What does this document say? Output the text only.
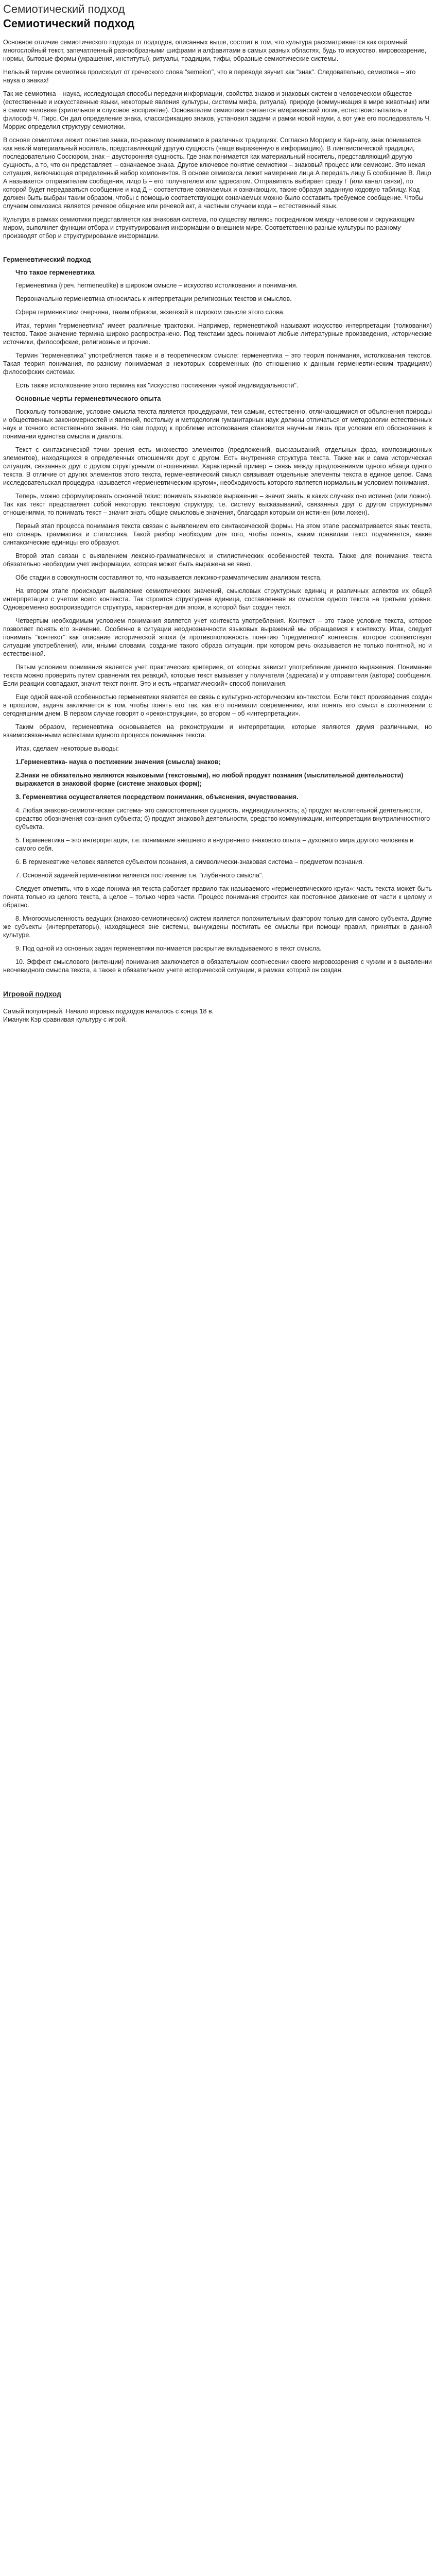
Семиотический подход
Семиотический подход

Основное отличие семиотического подхода от подходов, описанных выше, состоит в том, что культура рассматривается как огромный многослойный текст, запечатленный разнообразными шифрами и алфавитами в самых разных областях, будь то искусство, мировоззрение, нормы, бытовые формы (украшения, институты), ритуалы, традиции, тифы, образные семиотические системы.

Нельзый термин семиотика происходит от греческого слова "semeion", что в переводе звучит как "знак". Следовательно, семиотика – это наука о знаках!

Так же семиотика – наука, исследующая способы передачи информации, свойства знаков и знаковых систем в человеческом обществе (естественные и искусственные языки, некоторые явления культуры, системы мифа, ритуала), природе (коммуникация в мире животных) или в самом человеке (зрительное и слуховое восприятие). Основателем семиотики считается американский логик, естествоиспытатель и философ Ч. Пирс. Он дал определение знака, классификацию знаков, установил задачи и рамки новой науки, а вот уже его последователь Ч. Моррис определил структуру семиотики.

В основе семиотики лежит понятие знака, по-разному понимаемое в различных традициях. Согласно Моррису и Карнапу, знак понимается как некий материальный носитель, представляющий другую сущность (чаще выраженную в информацию). В лингвистической традиции, последовательно Соссюром, знак – двусторонняя сущность. Где знак понимается как материальный носитель, представляющий другую сущность, а то, что он представляет, – означаемое знака. Другое ключевое понятие семиотики – знаковый процесс или семиозис. Это некая ситуация, включающая определенный набор компонентов. В основе семиозиса лежит намерение лица А передать лицу Б сообщение В. Лицо А называется отправителем сообщения, лицо Б – его получателем или адресатом. Отправитель выбирает среду Г (или канал связи), по которой будет передаваться сообщение и код Д – соответствие означаемых и означающих, также образуя заданную кодовую таблицу. Код должен быть выбран таким образом, чтобы с помощью соответствующих означаемых можно было составить требуемое сообщение. Чтобы случаем семиозиса является речевое общение или речевой акт, а частным случаем кода – естественный язык.

Культура в рамках семиотики представляется как знаковая система, по существу являясь посредником между человеком и окружающим миром, выполняет функции отбора и структурирования информации о внешнем мире. Соответственно разные культуры по-разному производят отбор и структурирование информации.

Герменевтический подход
Что такое герменевтика

Герменевтика (греч. hermeneutike) в широком смысле – искусство истолкования и понимания.

Первоначально герменевтика относилась к интерпретации религиозных текстов и смыслов.

Сфера герменевтики очерчена, таким образом, экзегезой в широком смысле этого слова.

Итак, термин "герменевтика" имеет различные трактовки. Например, герменевтикой называют искусство интерпретации (толкования) текстов. Такое значение термина широко распространено. Под текстами здесь понимают любые литературные произведения, исторические источники, философские, религиозные и прочие.

Термин "герменевтика" употребляется также и в теоретическом смысле: герменевтика – это теория понимания, истолкования текстов. Такая теория понимания, по-разному понимаемая в некоторых современных (по отношению к данным герменевтическим традициям) философских системах.

Есть также истолкование этого термина как "искусство постижения чужой индивидуальности".

Основные черты герменевтического опыта

Поскольку толкование, условие смысла текста является процедурами, тем самым, естественно, отличающимися от объяснения природы и общественных закономерностей и явлений, постольку и методологии гуманитарных наук должны отличаться от методологии естественных наук и точного естественного знания. Но сам подход к проблеме истолкования становится научным лишь при условии его обоснования в понимании единства смысла и диалога.

Текст с синтаксической точки зрения есть множество элементов (предложений, высказываний, отдельных фраз, композиционных элементов), находящихся в определенных отношениях друг с другом. Есть внутренняя структура текста. Также как и сама историческая ситуация, связанных друг с другом структурными отношениями. Характерный пример – связь между предложениями одного абзаца одного текста. В отличие от других элементов этого текста, герменевтический смысл связывает отдельные элементы текста в единое целое. Сама исследовательская процедура называется «герменевтическим кругом», необходимость которого является нормальным условием понимания.

Теперь, можно сформулировать основной тезис: понимать языковое выражение – значит знать, в каких случаях оно истинно (или ложно). Так как текст представляет собой некоторую текстовую структуру, т.е. систему высказываний, связанных друг с другом структурными отношениями, то понимать текст – значит знать общие смысловые значения, благодаря которым он истинен (или ложен).

Первый этап процесса понимания текста связан с выявлением его синтаксической формы. На этом этапе рассматривается язык текста, его словарь, грамматика и стилистика. Такой разбор необходим для того, чтобы понять, каким правилам текст подчиняется, какие синтаксические единицы его образуют.

Второй этап связан с выявлением лексико-грамматических и стилистических особенностей текста. Также для понимания текста обязательно необходим учет информации, которая может быть выражена не явно.

Обе стадии в совокупности составляют то, что называется лексико-грамматическим анализом текста.

На втором этапе происходит выявление семиотических значений, смысловых структурных единиц и различных аспектов их общей интерпретации с учетом всего контекста. Так строится структурная единица, составленная из смыслов одного текста на третьем уровне. Одновременно воспроизводится структура, характерная для эпохи, в которой был создан текст.

Четвертым необходимым условием понимания является учет контекста употребления. Контекст – это такое условие текста, которое позволяет понять его значение. Особенно в ситуации неоднозначности языковых выражений мы обращаемся к контексту. Итак, следует понимать "контекст" как описание исторической эпохи (в противоположность понятию "предметного" контекста, которое соответствует ситуации употребления), или, иными словами, создание такого образа ситуации, при котором речь оказывается не только понятной, но и естественной.

Пятым условием понимания является учет практических критериев, от которых зависит употребление данного выражения. Понимание текста можно проверить путем сравнения тех реакций, которые текст вызывает у получателя (адресата) и у отправителя (автора) сообщения. Если реакции совпадают, значит текст понят. Это и есть «прагматический» способ понимания.

Еще одной важной особенностью герменевтики является ее связь с культурно-историческим контекстом. Если текст произведения создан в прошлом, задача заключается в том, чтобы понять его так, как его понимали современники, или понять его смысл в соотнесении с сегодняшним днем. В первом случае говорят о «реконструкции», во втором – об «интерпретации».

Таким образом, герменевтика основывается на реконструкции и интерпретации, которые являются двумя различными, но взаимосвязанными аспектами единого процесса понимания текста.

Итак, сделаем некоторые выводы:

1.Герменевтика- наука о постижении значения (смысла) знаков;
2.Знаки не обязательно являются языковыми (текстовыми), но любой продукт познания (мыслительной деятельности) выражается в знаковой форме (системе знаковых форм);
3. Герменевтика осуществляется посредством понимания, объяснения, вчувствования.
4. Любая знаково-семиотическая система- это самостоятельная сущность, индивидуальность; а) продукт мыслительной деятельности, средство обозначения сознания субъекта; б) продукт знаковой деятельности, средство коммуникации, интерпретации внутриличностного субъекта.
5. Герменевтика – это интерпретация, т.е. понимание внешнего и внутреннего знакового опыта – духовного мира другого человека и самого себя.
6. В герменевтике человек является субъектом познания, а символически-знаковая система – предметом познания.
7. Основной задачей герменевтики является постижение т.н. "глубинного смысла".

Следует отметить, что в ходе понимания текста работает правило так называемого «герменевтического круга»: часть текста может быть понята только из целого текста, а целое – только через части. Процесс понимания строится как постоянное движение от части к целому и обратно.

8. Многосмысленность ведущих (знаково-семиотических) систем является положительным фактором только для самого субъекта. Другие же субъекты (интерпретаторы), находящиеся вне системы, вынуждены постигать ее смыслы при помощи правил, принятых в данной культуре.

9. Под одной из основных задач герменевтики понимается раскрытие вкладываемого в текст смысла.

10. Эффект смыслового (интенции) понимания заключается в обязательном соотнесении своего мировоззрения с чужим и в выявлении неочевидного смысла текста, а также в обязательном учете исторической ситуации, в рамках которой он создан.

Игровой подход

Самый популярный. Начало игровых подходов началось с конца 18 в.

Иманунк Кэр сравнивая культуру с игрой.
